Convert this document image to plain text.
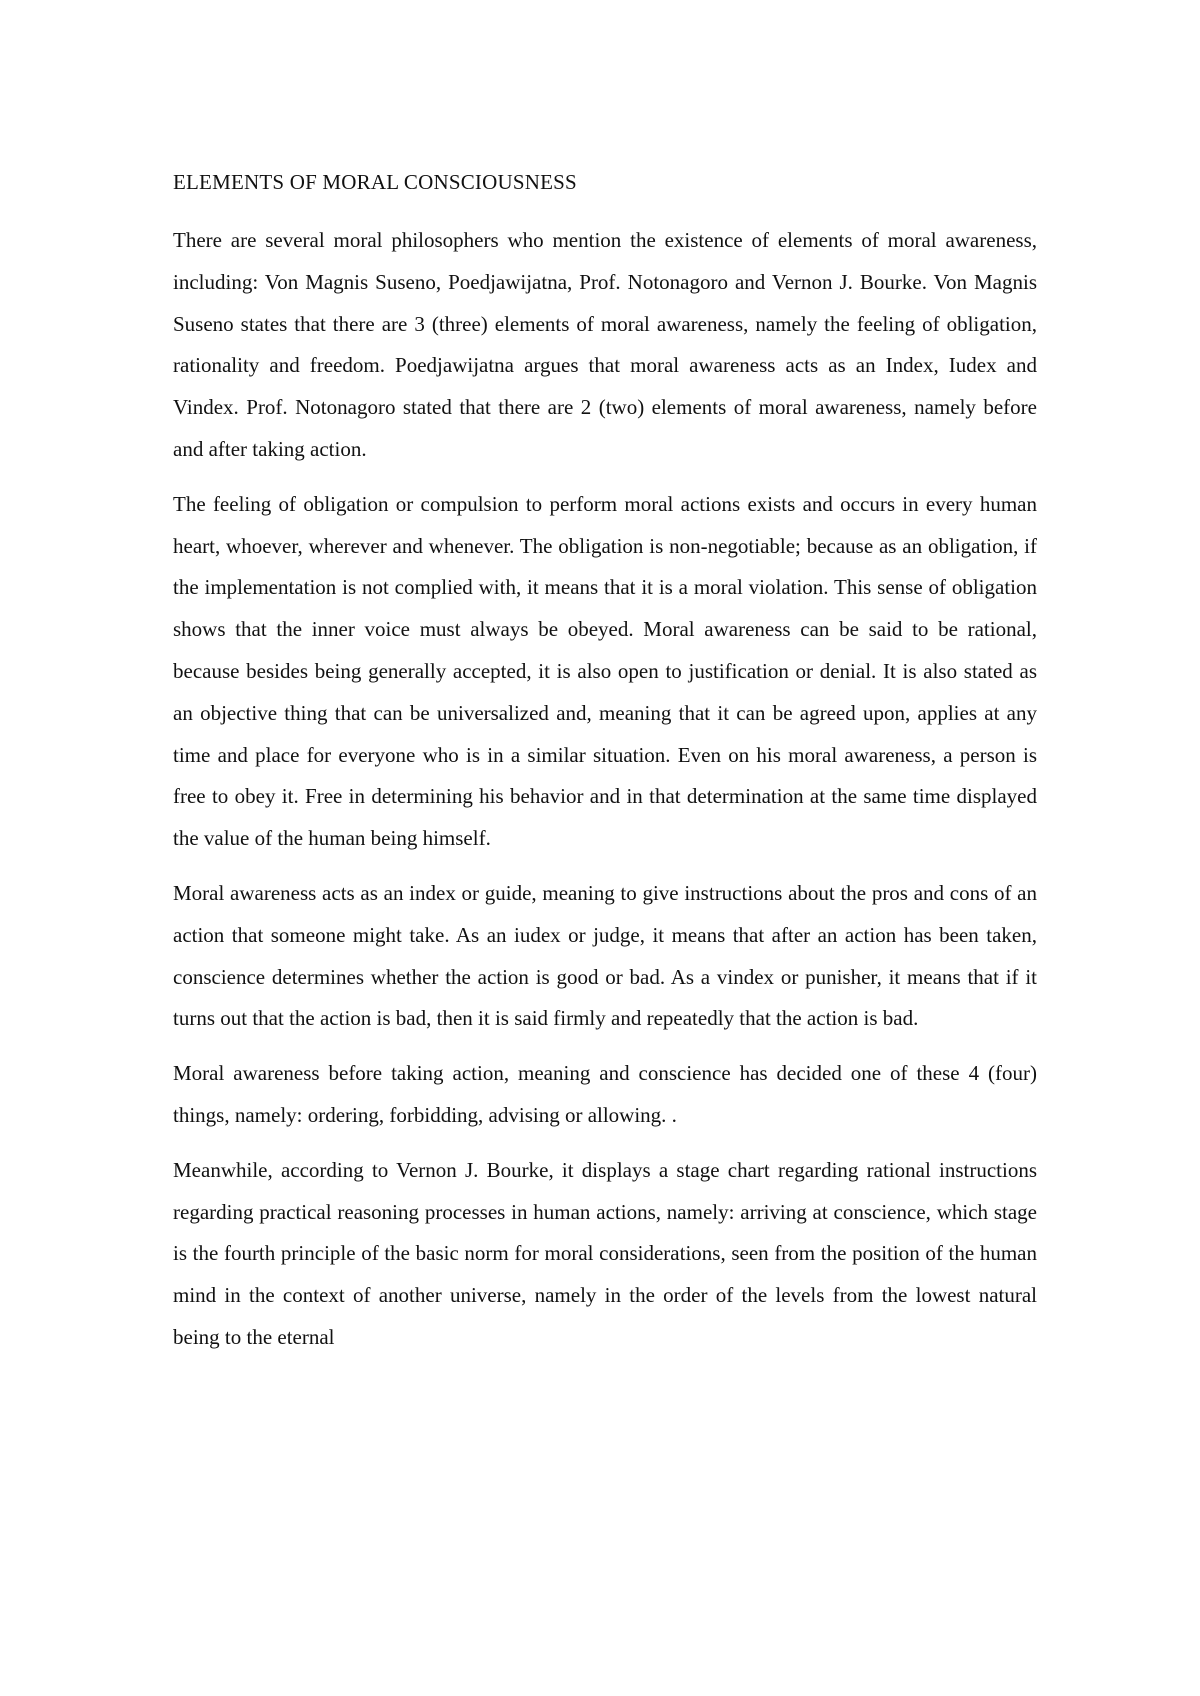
ELEMENTS OF MORAL CONSCIOUSNESS

There are several moral philosophers who mention the existence of elements of moral awareness, including: Von Magnis Suseno, Poedjawijatna, Prof. Notonagoro and Vernon J. Bourke. Von Magnis Suseno states that there are 3 (three) elements of moral awareness, namely the feeling of obligation, rationality and freedom. Poedjawijatna argues that moral awareness acts as an Index, Iudex and Vindex. Prof. Notonagoro stated that there are 2 (two) elements of moral awareness, namely before and after taking action.

The feeling of obligation or compulsion to perform moral actions exists and occurs in every human heart, whoever, wherever and whenever. The obligation is non-negotiable; because as an obligation, if the implementation is not complied with, it means that it is a moral violation. This sense of obligation shows that the inner voice must always be obeyed. Moral awareness can be said to be rational, because besides being generally accepted, it is also open to justification or denial. It is also stated as an objective thing that can be universalized and, meaning that it can be agreed upon, applies at any time and place for everyone who is in a similar situation. Even on his moral awareness, a person is free to obey it. Free in determining his behavior and in that determination at the same time displayed the value of the human being himself.

Moral awareness acts as an index or guide, meaning to give instructions about the pros and cons of an action that someone might take. As an iudex or judge, it means that after an action has been taken, conscience determines whether the action is good or bad. As a vindex or punisher, it means that if it turns out that the action is bad, then it is said firmly and repeatedly that the action is bad.

Moral awareness before taking action, meaning and conscience has decided one of these 4 (four) things, namely: ordering, forbidding, advising or allowing. .

Meanwhile, according to Vernon J. Bourke, it displays a stage chart regarding rational instructions regarding practical reasoning processes in human actions, namely: arriving at conscience, which stage is the fourth principle of the basic norm for moral considerations, seen from the position of the human mind in the context of another universe, namely in the order of the levels from the lowest natural being to the eternal
